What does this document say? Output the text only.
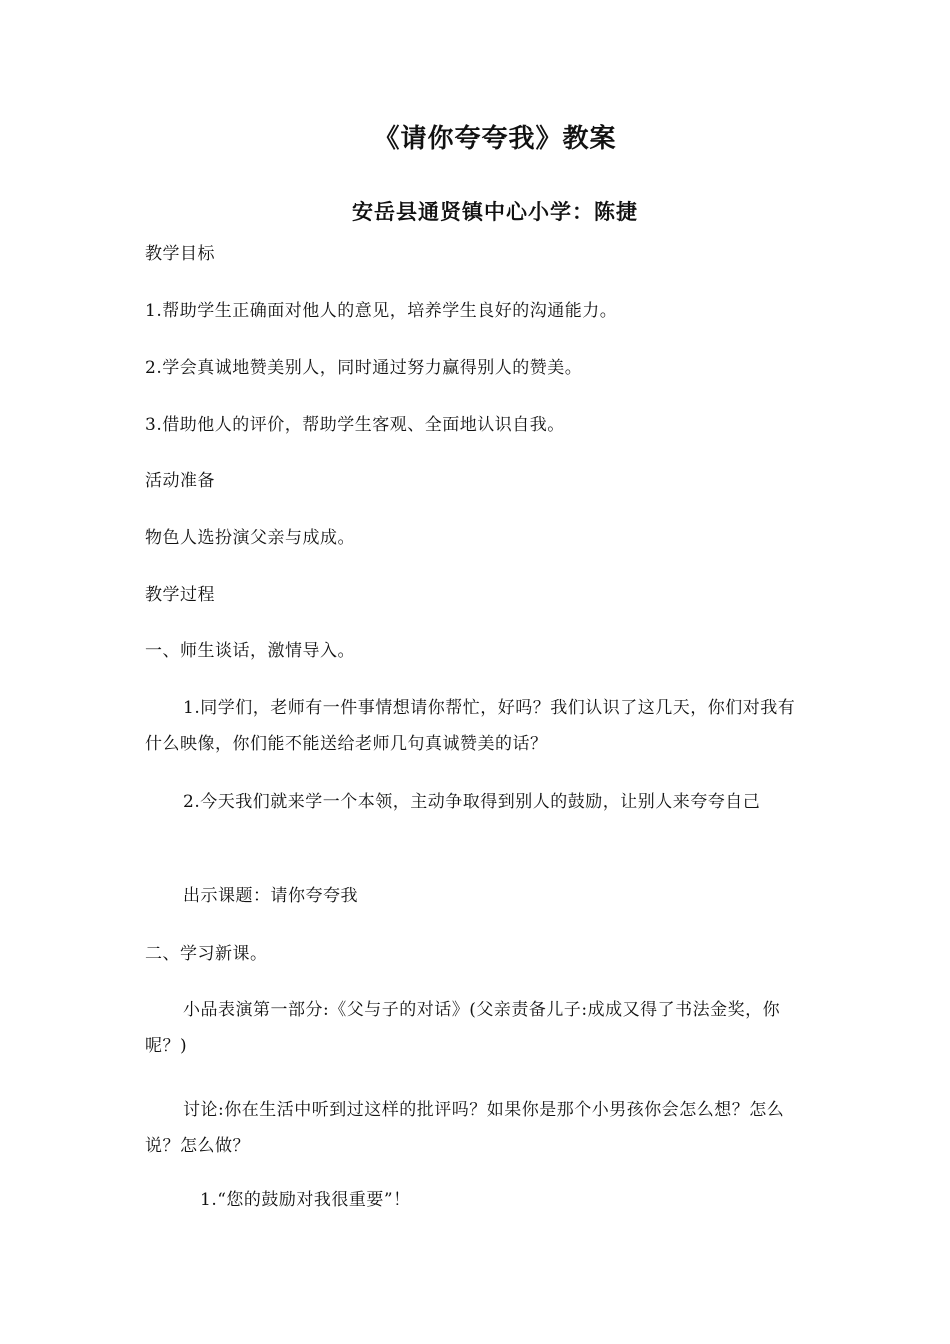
《请你夸夸我》教案
安岳县通贤镇中心小学：陈捷
教学目标
1.帮助学生正确面对他人的意见，培养学生良好的沟通能力。
2.学会真诚地赞美别人，同时通过努力赢得别人的赞美。
3.借助他人的评价，帮助学生客观、全面地认识自我。
活动准备
物色人选扮演父亲与成成。
教学过程
一、师生谈话，激情导入。
1.同学们，老师有一件事情想请你帮忙，好吗？我们认识了这几天，你们对我有什么映像，你们能不能送给老师几句真诚赞美的话？
2.今天我们就来学一个本领，主动争取得到别人的鼓励，让别人来夸夸自己
出示课题：请你夸夸我
二、学习新课。
小品表演第一部分:《父与子的对话》(父亲责备儿子:成成又得了书法金奖，你呢？)
讨论:你在生活中听到过这样的批评吗？如果你是那个小男孩你会怎么想？怎么说？怎么做？
1.“您的鼓励对我很重要”！
